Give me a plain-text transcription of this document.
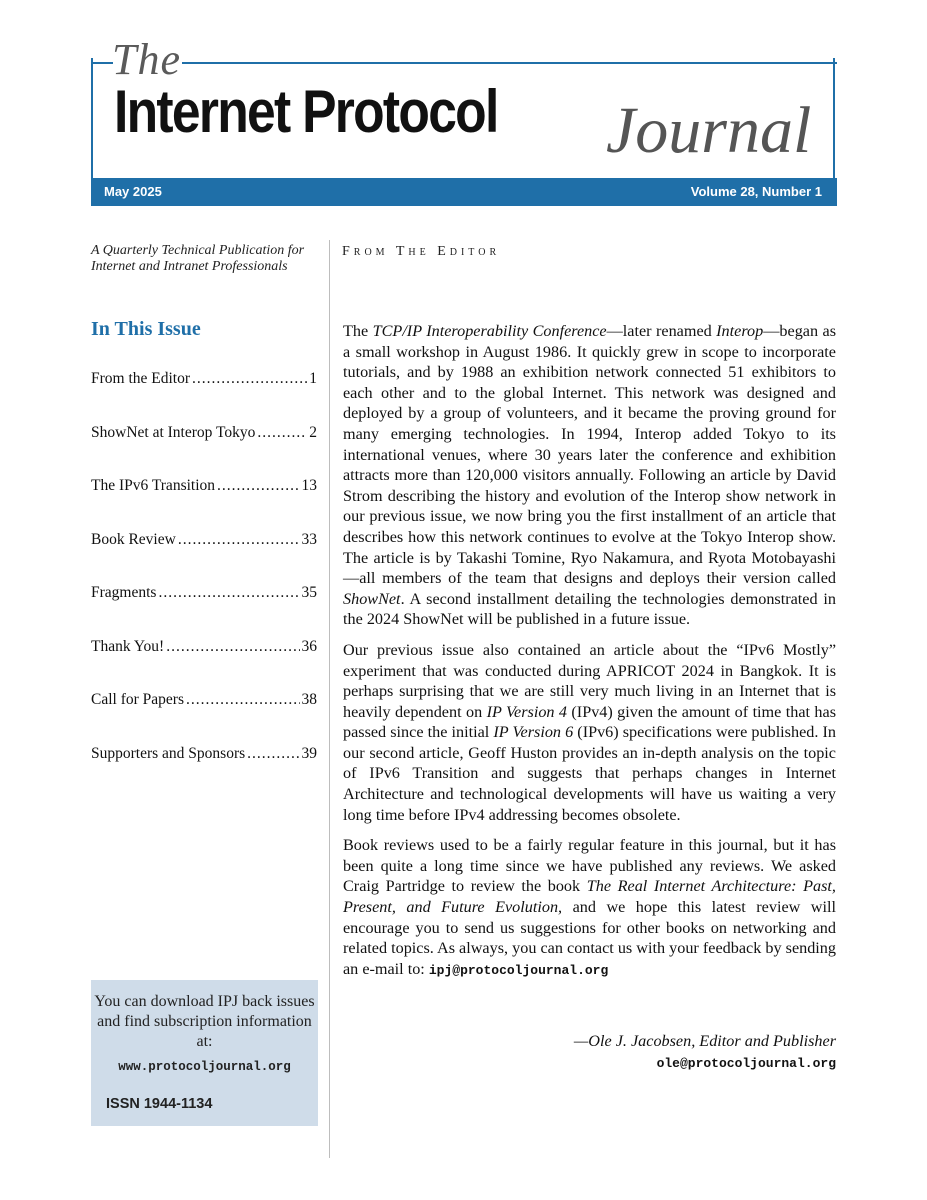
The
Internet Protocol Journal
May 2025	Volume 28, Number 1
A Quarterly Technical Publication for Internet and Intranet Professionals
In This Issue
From the Editor .....	1
ShowNet at Interop Tokyo .....	2
The IPv6 Transition .....	13
Book Review .....	33
Fragments .....	35
Thank You! .....	36
Call for Papers .....	38
Supporters and Sponsors .....	39
You can download IPJ back issues and find subscription information at:
www.protocoljournal.org
ISSN 1944-1134
From The Editor

The TCP/IP Interoperability Conference—later renamed Interop—began as a small workshop in August 1986. It quickly grew in scope to incorporate tutorials, and by 1988 an exhibition network connected 51 exhibitors to each other and to the global Internet. This network was designed and deployed by a group of volunteers, and it became the proving ground for many emerging technologies. In 1994, Interop added Tokyo to its international venues, where 30 years later the conference and exhibition attracts more than 120,000 visitors annually. Following an article by David Strom describing the history and evolution of the Interop show network in our previous issue, we now bring you the first installment of an article that describes how this network continues to evolve at the Tokyo Interop show. The article is by Takashi Tomine, Ryo Nakamura, and Ryota Motobayashi—all members of the team that designs and deploys their version called ShowNet. A second installment detailing the technologies demonstrated in the 2024 ShowNet will be published in a future issue.

Our previous issue also contained an article about the “IPv6 Mostly” experiment that was conducted during APRICOT 2024 in Bangkok. It is perhaps surprising that we are still very much living in an Internet that is heavily dependent on IP Version 4 (IPv4) given the amount of time that has passed since the initial IP Version 6 (IPv6) specifications were published. In our second article, Geoff Huston provides an in-depth analysis on the topic of IPv6 Transition and suggests that perhaps changes in Internet Architecture and technological developments will have us waiting a very long time before IPv4 addressing becomes obsolete.

Book reviews used to be a fairly regular feature in this journal, but it has been quite a long time since we have published any reviews. We asked Craig Partridge to review the book The Real Internet Architecture: Past, Present, and Future Evolution, and we hope this latest review will encourage you to send us suggestions for other books on networking and related topics. As always, you can contact us with your feedback by sending an e-mail to: ipj@protocoljournal.org

—Ole J. Jacobsen, Editor and Publisher
ole@protocoljournal.org
